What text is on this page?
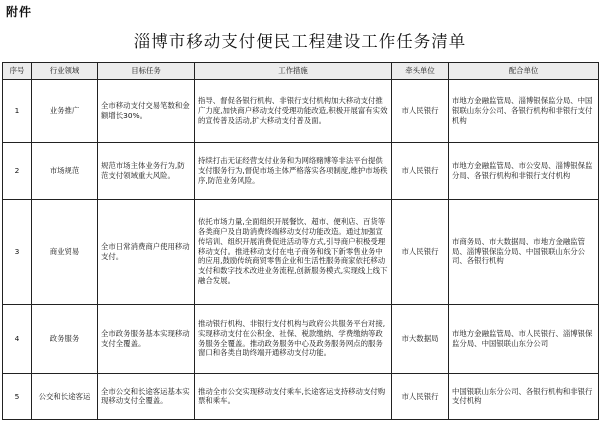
附件
淄博市移动支付便民工程建设工作任务清单
序号	行业领域	目标任务	工作措施	牵头单位	配合单位
1	业务推广	全市移动支付交易笔数和金额增长30%。	指导、督促各银行机构、非银行支付机构加大移动支付推广力度,加快商户移动支付受理功能改造,积极开展富有实效的宣传普及活动,扩大移动支付普及面。	市人民银行	市地方金融监管局、淄博银保监分局、中国银联山东分公司、各银行机构和非银行支付机构
2	市场规范	规范市场主体业务行为,防范支付领域重大风险。	持续打击无证经营支付业务和为网络赌博等非法平台提供支付服务行为,督促市场主体严格落实各项制度,维护市场秩序,防范业务风险。	市人民银行	市地方金融监管局、市公安局、淄博银保监分局、各银行机构和非银行支付机构
3	商业贸易	全市日常消费商户使用移动支付。	依托市场力量,全面组织开展餐饮、超市、便利店、百货等各类商户及自助消费终端移动支付功能改造。通过加强宣传培训、组织开展消费促进活动等方式,引导商户积极受理移动支付。推进移动支付在电子商务和线下新零售业务中的应用,鼓励传统商贸零售企业和生活性服务商家依托移动支付和数字技术改进业务流程,创新服务模式,实现线上线下融合发展。	市人民银行	市商务局、市大数据局、市地方金融监管局、淄博银保监分局、中国银联山东分公司、各银行机构
4	政务服务	全市政务服务基本实现移动支付全覆盖。	推动银行机构、非银行支付机构与政府公共服务平台对接,实现移动支付在公积金、社保、税款缴纳、学费缴纳等政务服务全覆盖。推动政务服务中心及政务服务网点的服务窗口和各类自助终端开通移动支付功能。	市大数据局	市地方金融监管局、市人民银行、淄博银保监分局、中国银联山东分公司
5	公交和长途客运	全市公交和长途客运基本实现移动支付全覆盖。	推动全市公交实现移动支付乘车,长途客运支持移动支付购票和乘车。	市人民银行	中国银联山东分公司、各银行机构和非银行支付机构
